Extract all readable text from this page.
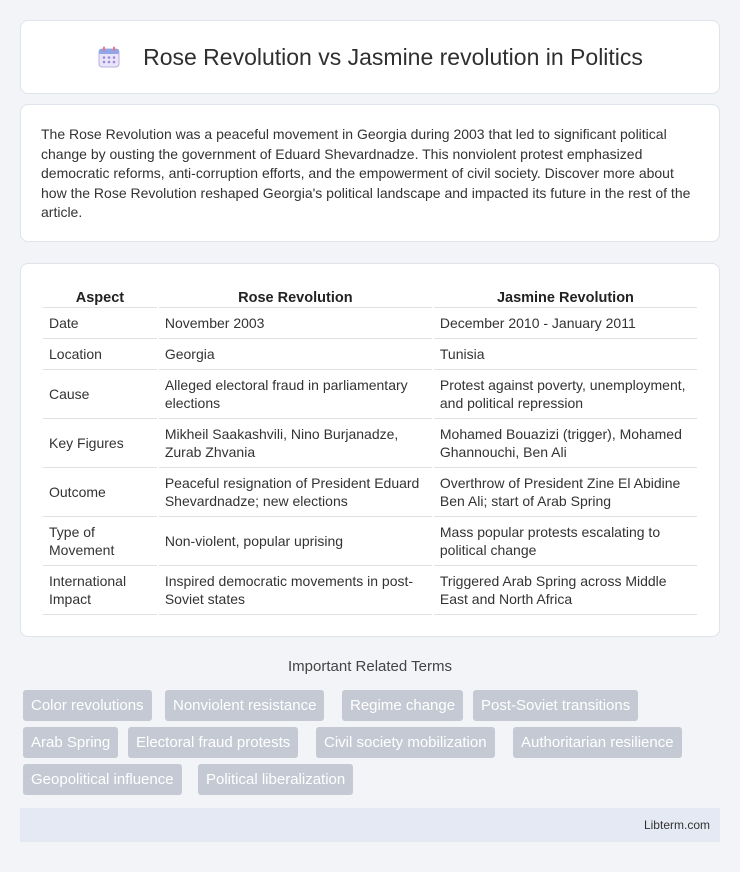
Rose Revolution vs Jasmine revolution in Politics

The Rose Revolution was a peaceful movement in Georgia during 2003 that led to significant political change by ousting the government of Eduard Shevardnadze. This nonviolent protest emphasized democratic reforms, anti-corruption efforts, and the empowerment of civil society. Discover more about how the Rose Revolution reshaped Georgia's political landscape and impacted its future in the rest of the article.

Aspect	Rose Revolution	Jasmine Revolution
Date	November 2003	December 2010 - January 2011
Location	Georgia	Tunisia
Cause	Alleged electoral fraud in parliamentary elections	Protest against poverty, unemployment, and political repression
Key Figures	Mikheil Saakashvili, Nino Burjanadze, Zurab Zhvania	Mohamed Bouazizi (trigger), Mohamed Ghannouchi, Ben Ali
Outcome	Peaceful resignation of President Eduard Shevardnadze; new elections	Overthrow of President Zine El Abidine Ben Ali; start of Arab Spring
Type of Movement	Non-violent, popular uprising	Mass popular protests escalating to political change
International Impact	Inspired democratic movements in post-Soviet states	Triggered Arab Spring across Middle East and North Africa
Important Related Terms
Color revolutions	Nonviolent resistance	Regime change	Post-Soviet transitions
Arab Spring	Electoral fraud protests	Civil society mobilization	Authoritarian resilience
Geopolitical influence	Political liberalization
Libterm.com
